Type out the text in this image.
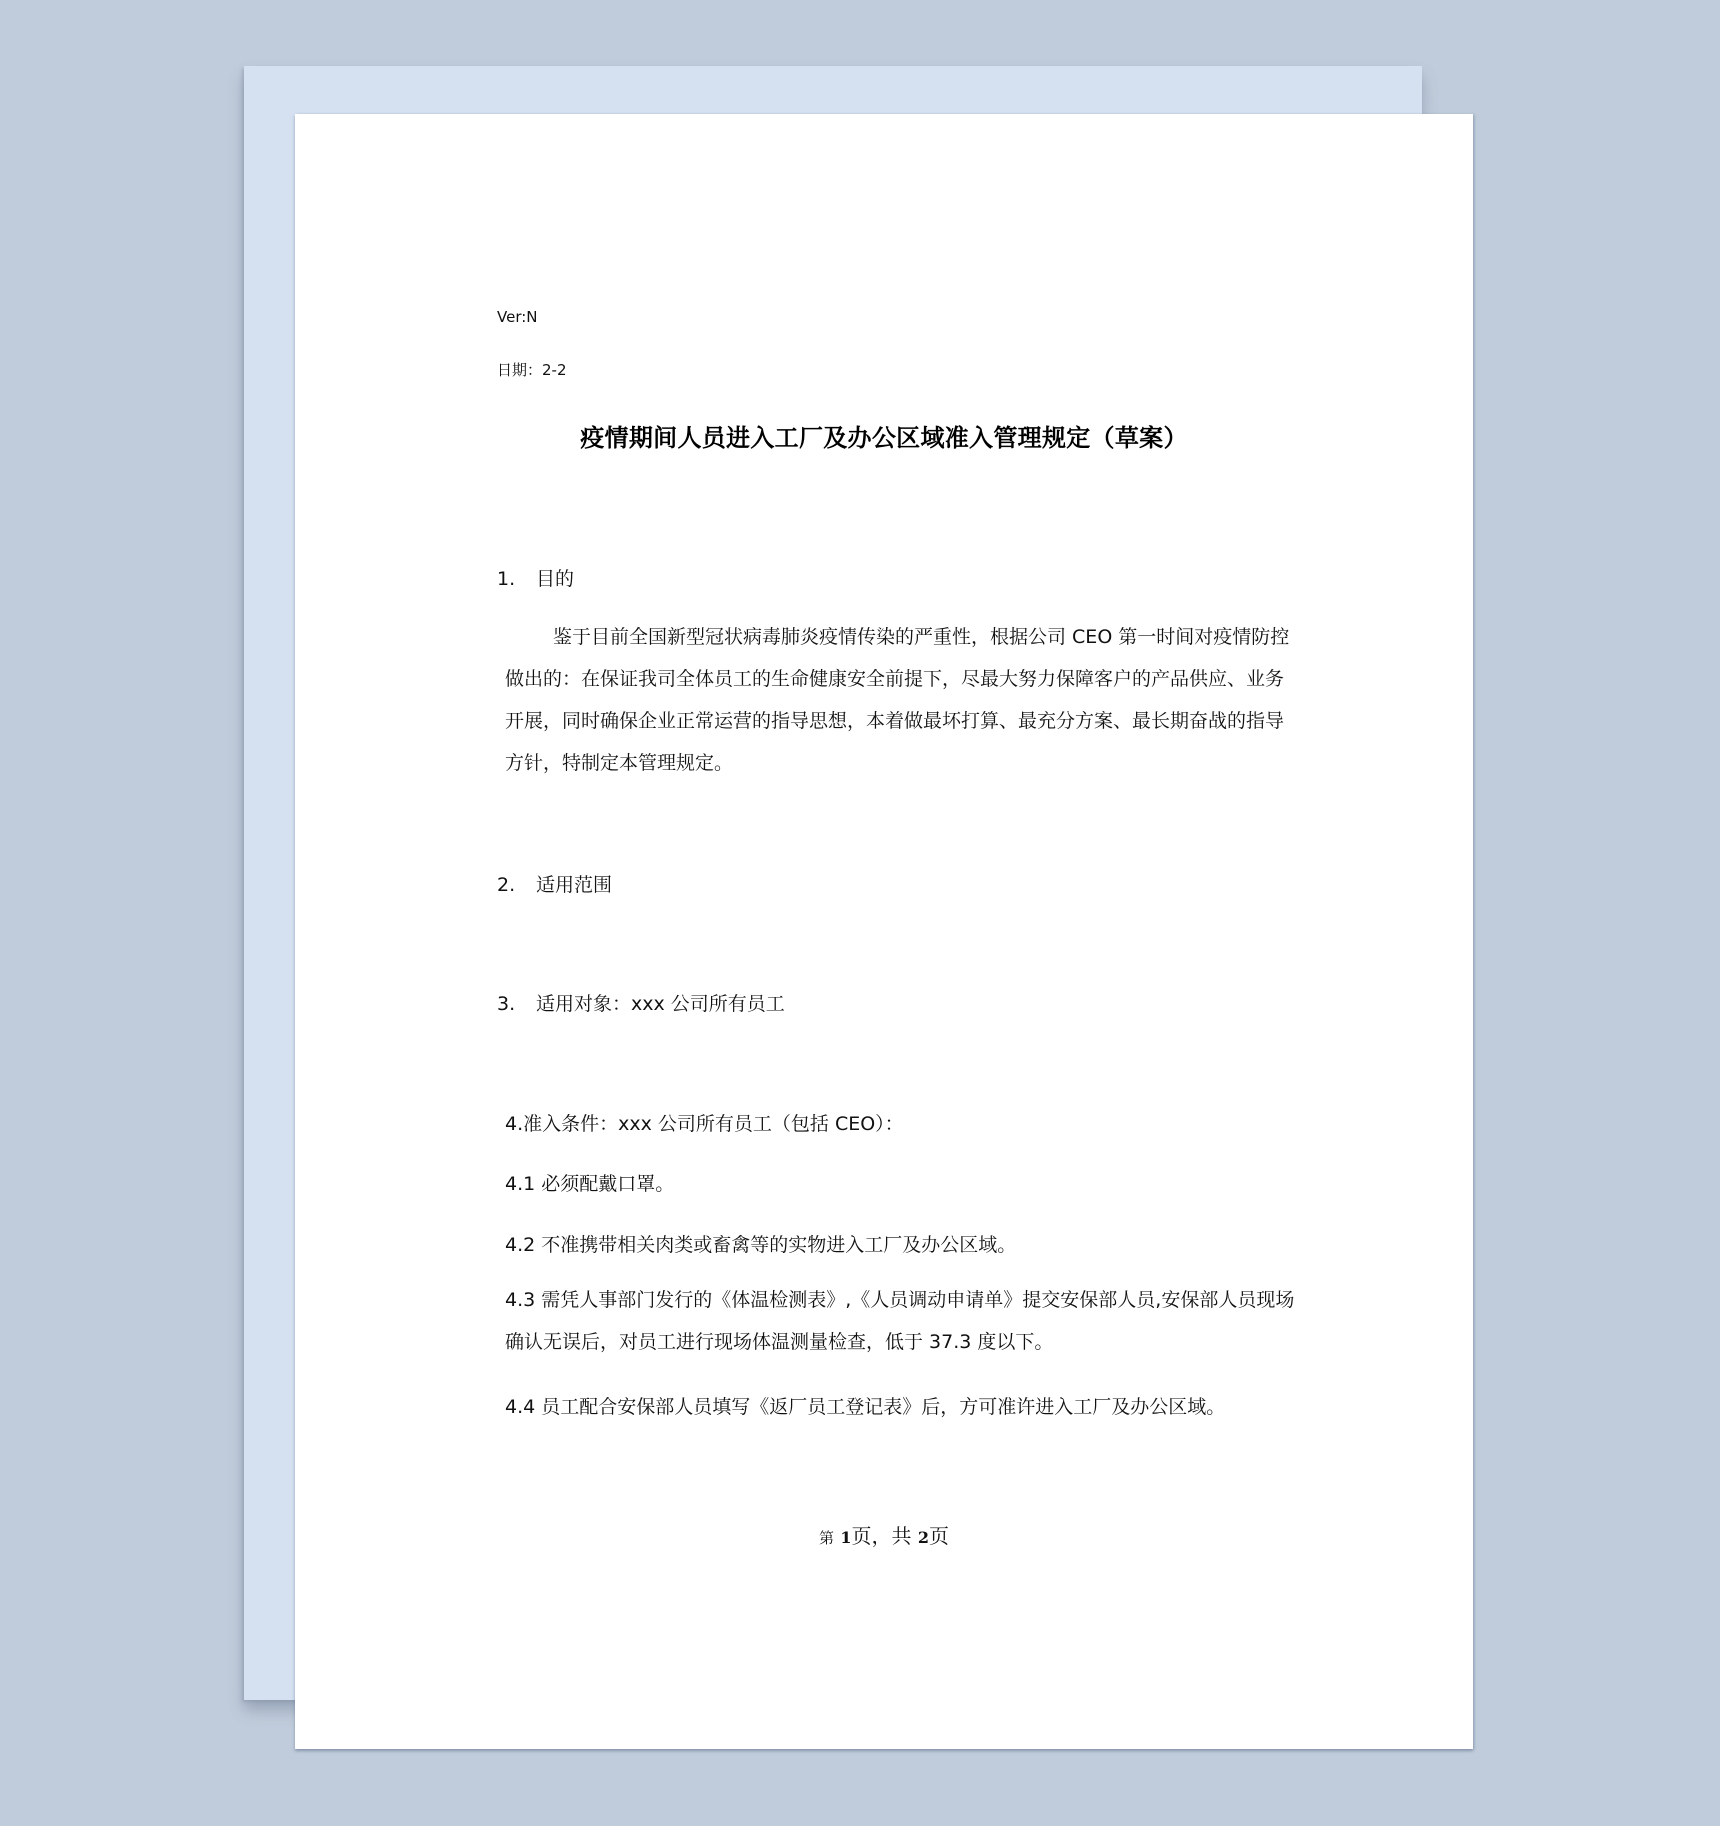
Ver:N
日期：2-2
疫情期间人员进入工厂及办公区域准入管理规定（草案）
1. 目的

鉴于目前全国新型冠状病毒肺炎疫情传染的严重性，根据公司 CEO 第一时间对疫情防控

做出的：在保证我司全体员工的生命健康安全前提下，尽最大努力保障客户的产品供应、业务

开展，同时确保企业正常运营的指导思想，本着做最坏打算、最充分方案、最长期奋战的指导

方针，特制定本管理规定。

2. 适用范围
3. 适用对象：xxx 公司所有员工
4.准入条件：xxx 公司所有员工（包括 CEO）：
4.1 必须配戴口罩。
4.2 不准携带相关肉类或畜禽等的实物进入工厂及办公区域。

4.3 需凭人事部门发行的《体温检测表》,《人员调动申请单》提交安保部人员,安保部人员现场

确认无误后，对员工进行现场体温测量检查，低于 37.3 度以下。

4.4 员工配合安保部人员填写《返厂员工登记表》后，方可准许进入工厂及办公区域。
第 1页，共 2页
